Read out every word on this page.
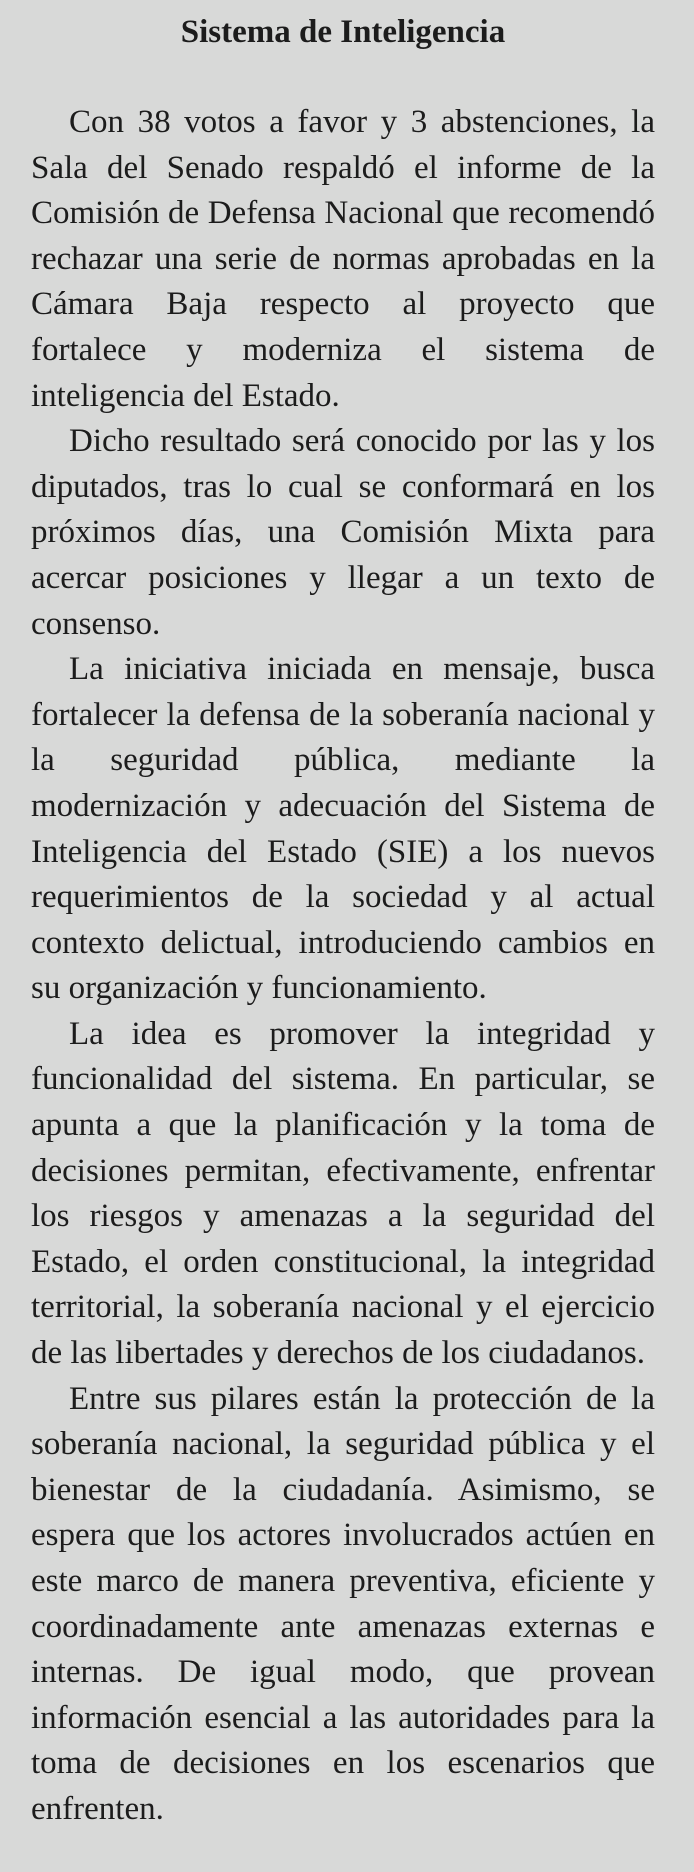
Sistema de Inteligencia

Con 38 votos a favor y 3 abstenciones, la Sala del Senado respaldó el informe de la Comisión de Defensa Nacional que recomendó rechazar una serie de normas aprobadas en la Cámara Baja respecto al proyecto que fortalece y moderniza el sistema de inteligencia del Estado.

Dicho resultado será conocido por las y los diputados, tras lo cual se conformará en los próximos días, una Comisión Mixta para acercar posiciones y llegar a un texto de consenso.

La iniciativa iniciada en mensaje, busca fortalecer la defensa de la soberanía nacional y la seguridad pública, mediante la modernización y adecuación del Sistema de Inteligencia del Estado (SIE) a los nuevos requerimientos de la sociedad y al actual contexto delictual, introduciendo cambios en su organización y funcionamiento.

La idea es promover la integridad y funcionalidad del sistema. En particular, se apunta a que la planificación y la toma de decisiones permitan, efectivamente, enfrentar los riesgos y amenazas a la seguridad del Estado, el orden constitucional, la integridad territorial, la soberanía nacional y el ejercicio de las libertades y derechos de los ciudadanos.

Entre sus pilares están la protección de la soberanía nacional, la seguridad pública y el bienestar de la ciudadanía. Asimismo, se espera que los actores involucrados actúen en este marco de manera preventiva, eficiente y coordinadamente ante amenazas externas e internas. De igual modo, que provean información esencial a las autoridades para la toma de decisiones en los escenarios que enfrenten.
